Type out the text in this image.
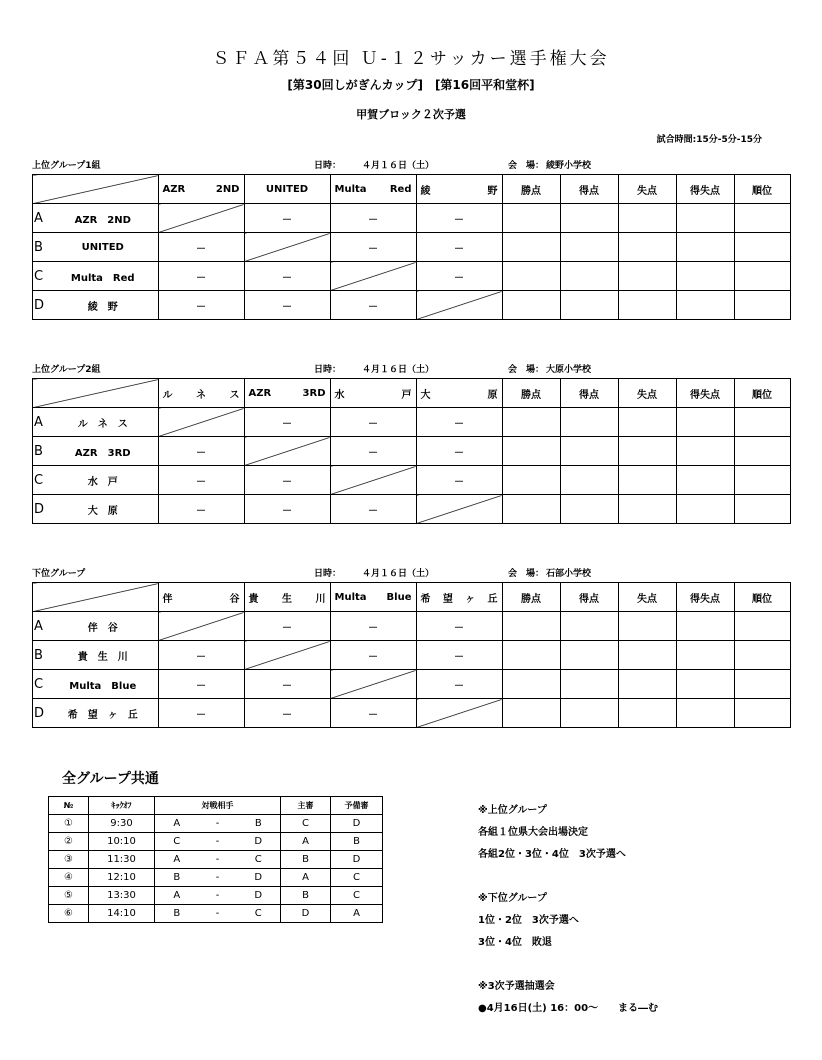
ＳＦＡ第５４回 Ｕ-１２サッカー選手権大会
[第30回しがぎんカップ]　[第16回平和堂杯]
甲賀ブロック２次予選
試合時間:15分-5分-15分
上位グループ1組	日時： ４月１６日（土）	会　場： 綾野小学校

		AZR 2ND	UNITED	Multa Red	綾 野	勝点	得点	失点	得失点	順位
A	AZR　2ND		－	－	－					
B	UNITED	－		－	－					
C	Multa　Red	－	－		－					
D	綾　野	－	－	－						
上位グループ2組	日時： ４月１６日（土）	会　場： 大原小学校

		ル ネ ス	AZR 3RD	水 戸	大 原	勝点	得点	失点	得失点	順位
A	ル　ネ　ス		－	－	－					
B	AZR　3RD	－		－	－					
C	水　戸	－	－		－					
D	大　原	－	－	－						
下位グループ	日時： ４月１６日（土）	会　場： 石部小学校

		伴 谷	貴 生 川	Multa Blue	希 望 ヶ 丘	勝点	得点	失点	得失点	順位
A	伴　谷		－	－	－					
B	貴　生　川	－		－	－					
C	Multa　Blue	－	－		－					
D	希　望　ヶ　丘	－	－	－						
全グループ共通
№	ｷｯｸｵﾌ	対戦相手			主審	予備審
①	9:30	A	-	B	C	D
②	10:10	C	-	D	A	B
③	11:30	A	-	C	B	D
④	12:10	B	-	D	A	C
⑤	13:30	A	-	D	B	C
⑥	14:10	B	-	C	D	A
※上位グループ
各組１位県大会出場決定
各組2位・3位・4位　3次予選へ
※下位グループ
1位・2位　3次予選へ
3位・4位　敗退
※3次予選抽選会
●4月16日(土) 16：00～　　まる―む
